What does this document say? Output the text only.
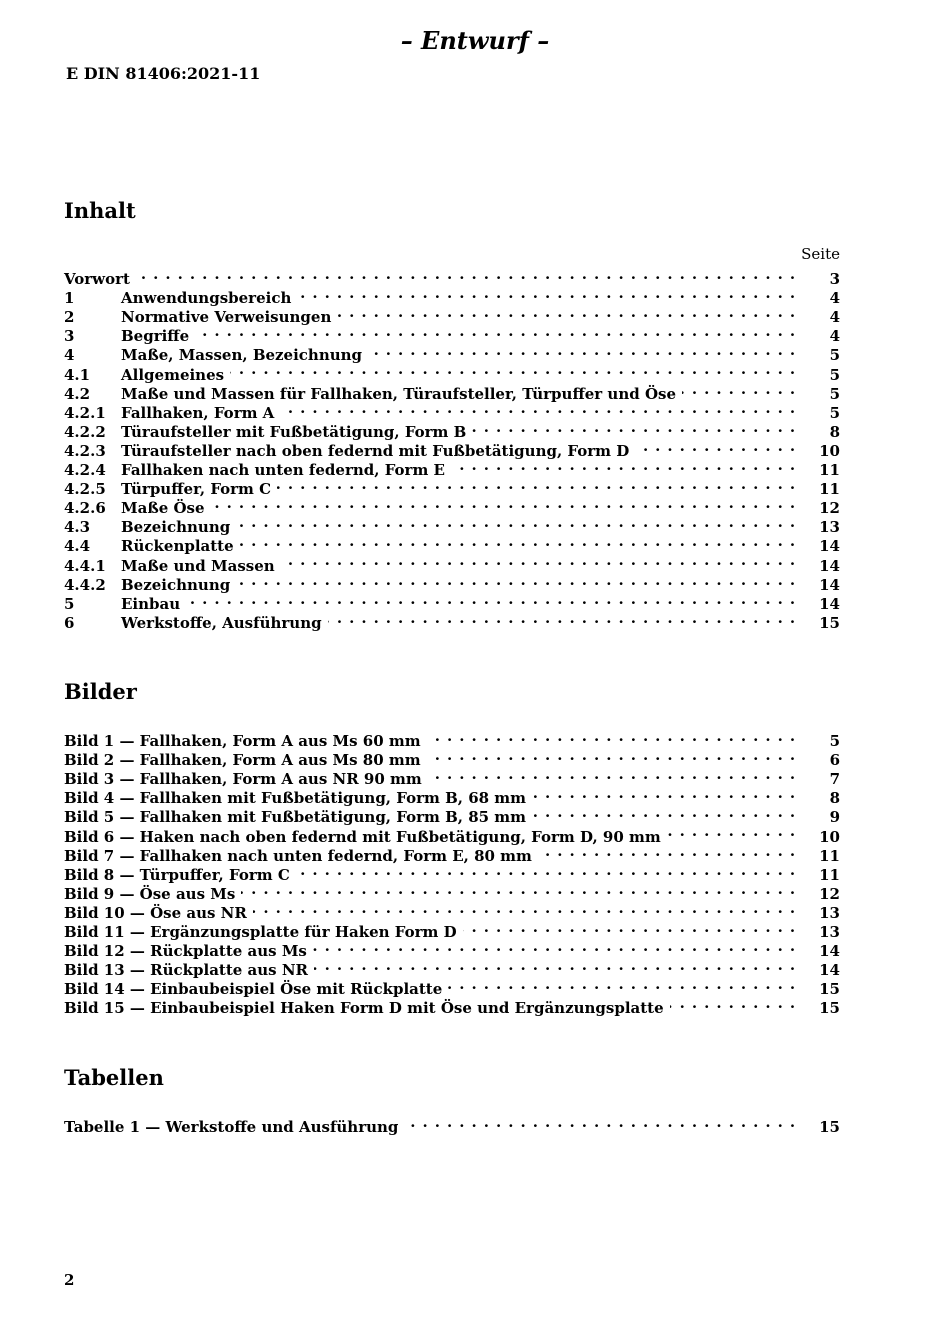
– Entwurf –
E DIN 81406:2021-11
Inhalt
Seite
Vorwort . . .	3
1	Anwendungsbereich . . .	4
2	Normative Verweisungen . . .	4
3	Begriffe . . .	4
4	Maße, Massen, Bezeichnung . . .	5
4.1	Allgemeines . . .	5
4.2	Maße und Massen für Fallhaken, Türaufsteller, Türpuffer und Öse . . .	5
4.2.1	Fallhaken, Form A . . .	5
4.2.2	Türaufsteller mit Fußbetätigung, Form B . . .	8
4.2.3	Türaufsteller nach oben federnd mit Fußbetätigung, Form D . . .	10
4.2.4	Fallhaken nach unten federnd, Form E . . .	11
4.2.5	Türpuffer, Form C . . .	11
4.2.6	Maße Öse . . .	12
4.3	Bezeichnung . . .	13
4.4	Rückenplatte . . .	14
4.4.1	Maße und Massen . . .	14
4.4.2	Bezeichnung . . .	14
5	Einbau . . .	14
6	Werkstoffe, Ausführung . . .	15
Bilder
Bild 1 — Fallhaken, Form A aus Ms 60 mm . . .	5
Bild 2 — Fallhaken, Form A aus Ms 80 mm . . .	6
Bild 3 — Fallhaken, Form A aus NR 90 mm . . .	7
Bild 4 — Fallhaken mit Fußbetätigung, Form B, 68 mm . . .	8
Bild 5 — Fallhaken mit Fußbetätigung, Form B, 85 mm . . .	9
Bild 6 — Haken nach oben federnd mit Fußbetätigung, Form D, 90 mm . . .	10
Bild 7 — Fallhaken nach unten federnd, Form E, 80 mm . . .	11
Bild 8 — Türpuffer, Form C . . .	11
Bild 9 — Öse aus Ms . . .	12
Bild 10 — Öse aus NR . . .	13
Bild 11 — Ergänzungsplatte für Haken Form D . . .	13
Bild 12 — Rückplatte aus Ms . . .	14
Bild 13 — Rückplatte aus NR . . .	14
Bild 14 — Einbaubeispiel Öse mit Rückplatte . . .	15
Bild 15 — Einbaubeispiel Haken Form D mit Öse und Ergänzungsplatte . . .	15
Tabellen
Tabelle 1 — Werkstoffe und Ausführung . . .	15
2
